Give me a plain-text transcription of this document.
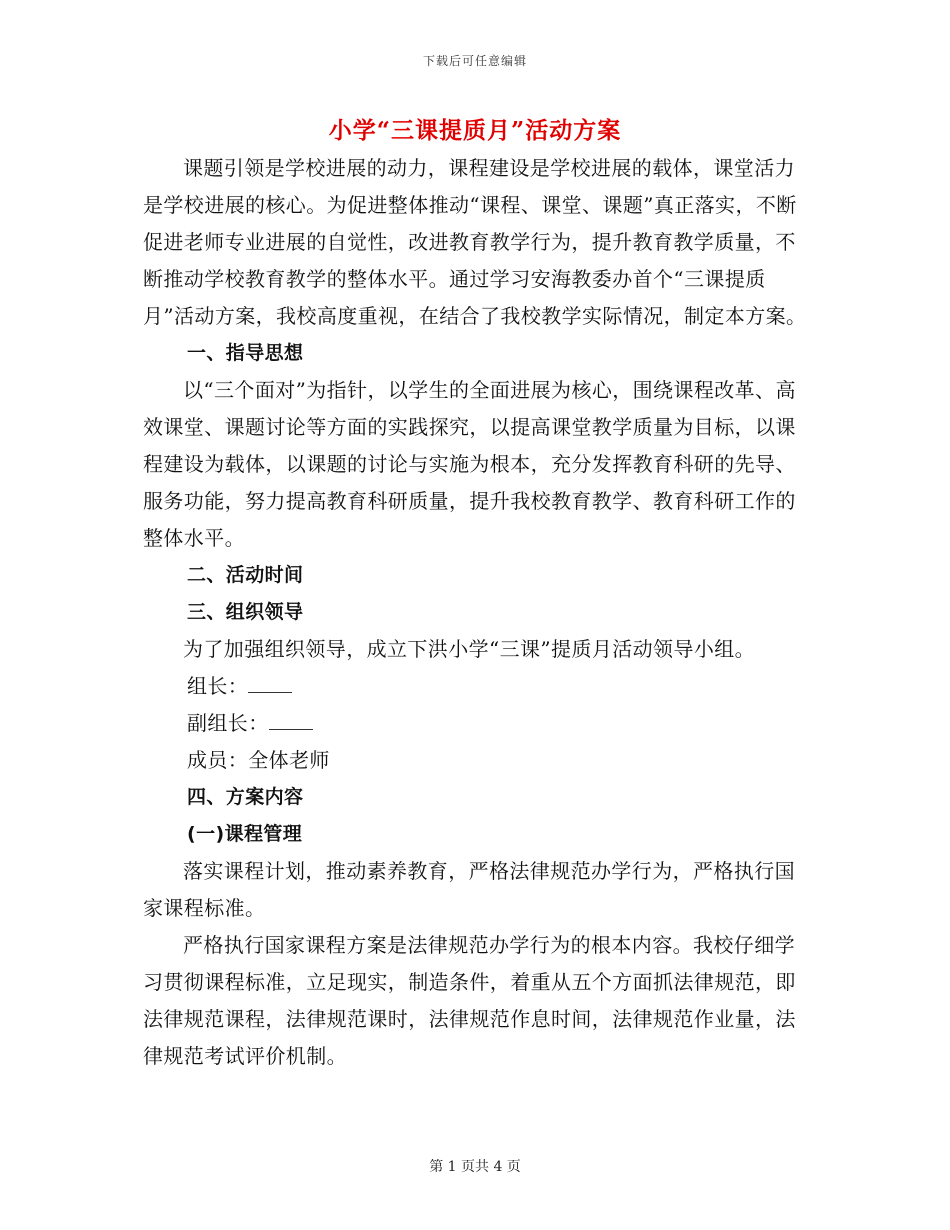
下载后可任意编辑
小学“三课提质月”活动方案

课题引领是学校进展的动力，课程建设是学校进展的载体，课堂活力是学校进展的核心。为促进整体推动“课程、课堂、课题”真正落实，不断促进老师专业进展的自觉性，改进教育教学行为，提升教育教学质量，不断推动学校教育教学的整体水平。通过学习安海教委办首个“三课提质月”活动方案，我校高度重视，在结合了我校教学实际情况，制定本方案。

一、指导思想

以“三个面对”为指针，以学生的全面进展为核心，围绕课程改革、高效课堂、课题讨论等方面的实践探究，以提高课堂教学质量为目标，以课程建设为载体，以课题的讨论与实施为根本，充分发挥教育科研的先导、服务功能，努力提高教育科研质量，提升我校教育教学、教育科研工作的整体水平。

二、活动时间

三、组织领导

为了加强组织领导，成立下洪小学“三课”提质月活动领导小组。

组长：

副组长：

成员：全体老师

四、方案内容

(一)课程管理

落实课程计划，推动素养教育，严格法律规范办学行为，严格执行国家课程标准。

严格执行国家课程方案是法律规范办学行为的根本内容。我校仔细学习贯彻课程标准，立足现实，制造条件，着重从五个方面抓法律规范，即法律规范课程，法律规范课时，法律规范作息时间，法律规范作业量，法律规范考试评价机制。

第 1 页共 4 页
